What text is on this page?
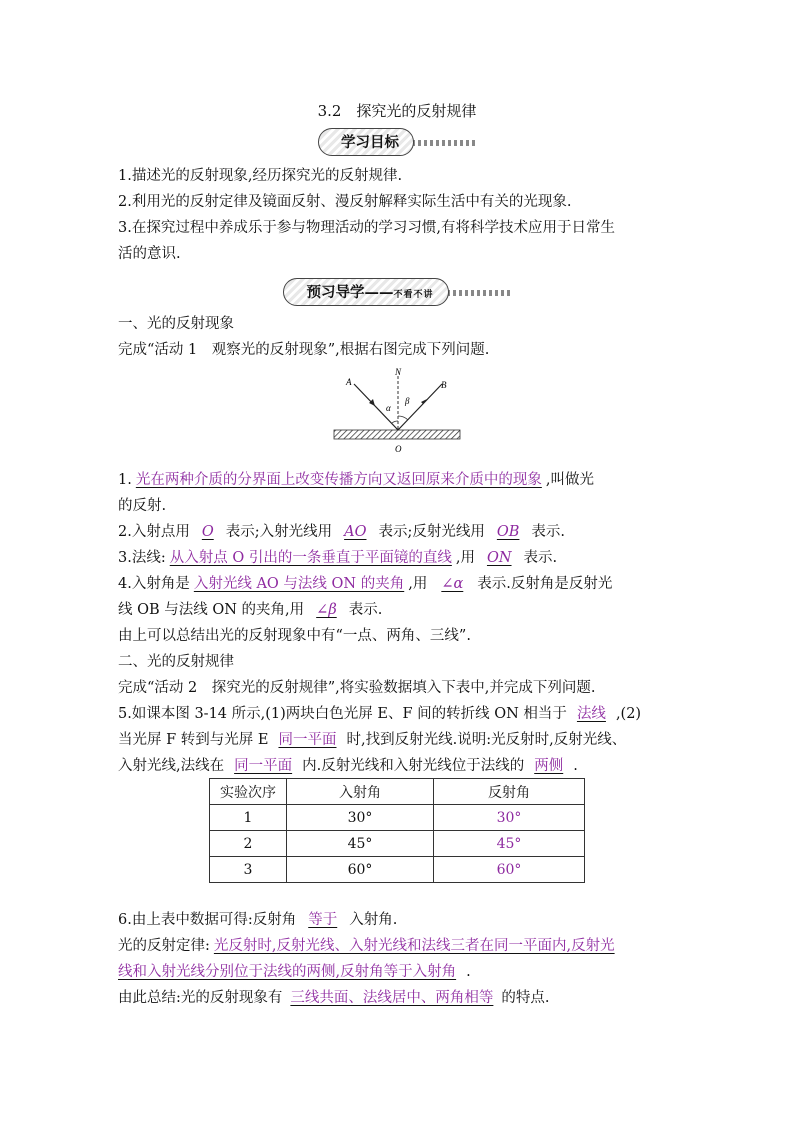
3.2　探究光的反射规律
学习目标
1.描述光的反射现象,经历探究光的反射规律.
2.利用光的反射定律及镜面反射、漫反射解释实际生活中有关的光现象.
3.在探究过程中养成乐于参与物理活动的学习习惯,有将科学技术应用于日常生
活的意识.
预习导学——不看不讲
一、光的反射现象
完成“活动 1　观察光的反射现象”,根据右图完成下列问题.
A
N
B
α
β
O
1. 光在两种介质的分界面上改变传播方向又返回原来介质中的现象 ,叫做光
的反射.
2.入射点用 O 表示;入射光线用 AO 表示;反射光线用 OB 表示.
3.法线: 从入射点 O 引出的一条垂直于平面镜的直线 ,用 ON 表示.
4.入射角是 入射光线 AO 与法线 ON 的夹角 ,用 ∠α 表示.反射角是反射光
线 OB 与法线 ON 的夹角,用 ∠β 表示.
由上可以总结出光的反射现象中有“一点、两角、三线”.
二、光的反射规律
完成“活动 2　探究光的反射规律”,将实验数据填入下表中,并完成下列问题.
5.如课本图 3-14 所示,(1)两块白色光屏 E、F 间的转折线 ON 相当于 法线 ,(2)
当光屏 F 转到与光屏 E 同一平面 时,找到反射光线.说明:光反射时,反射光线、
入射光线,法线在 同一平面 内.反射光线和入射光线位于法线的 两侧 .
实验次序	入射角	反射角
1	30°	30°
2	45°	45°
3	60°	60°
6.由上表中数据可得:反射角 等于 入射角.
光的反射定律: 光反射时,反射光线、入射光线和法线三者在同一平面内,反射光
线和入射光线分别位于法线的两侧,反射角等于入射角 .
由此总结:光的反射现象有 三线共面、法线居中、两角相等 的特点.
